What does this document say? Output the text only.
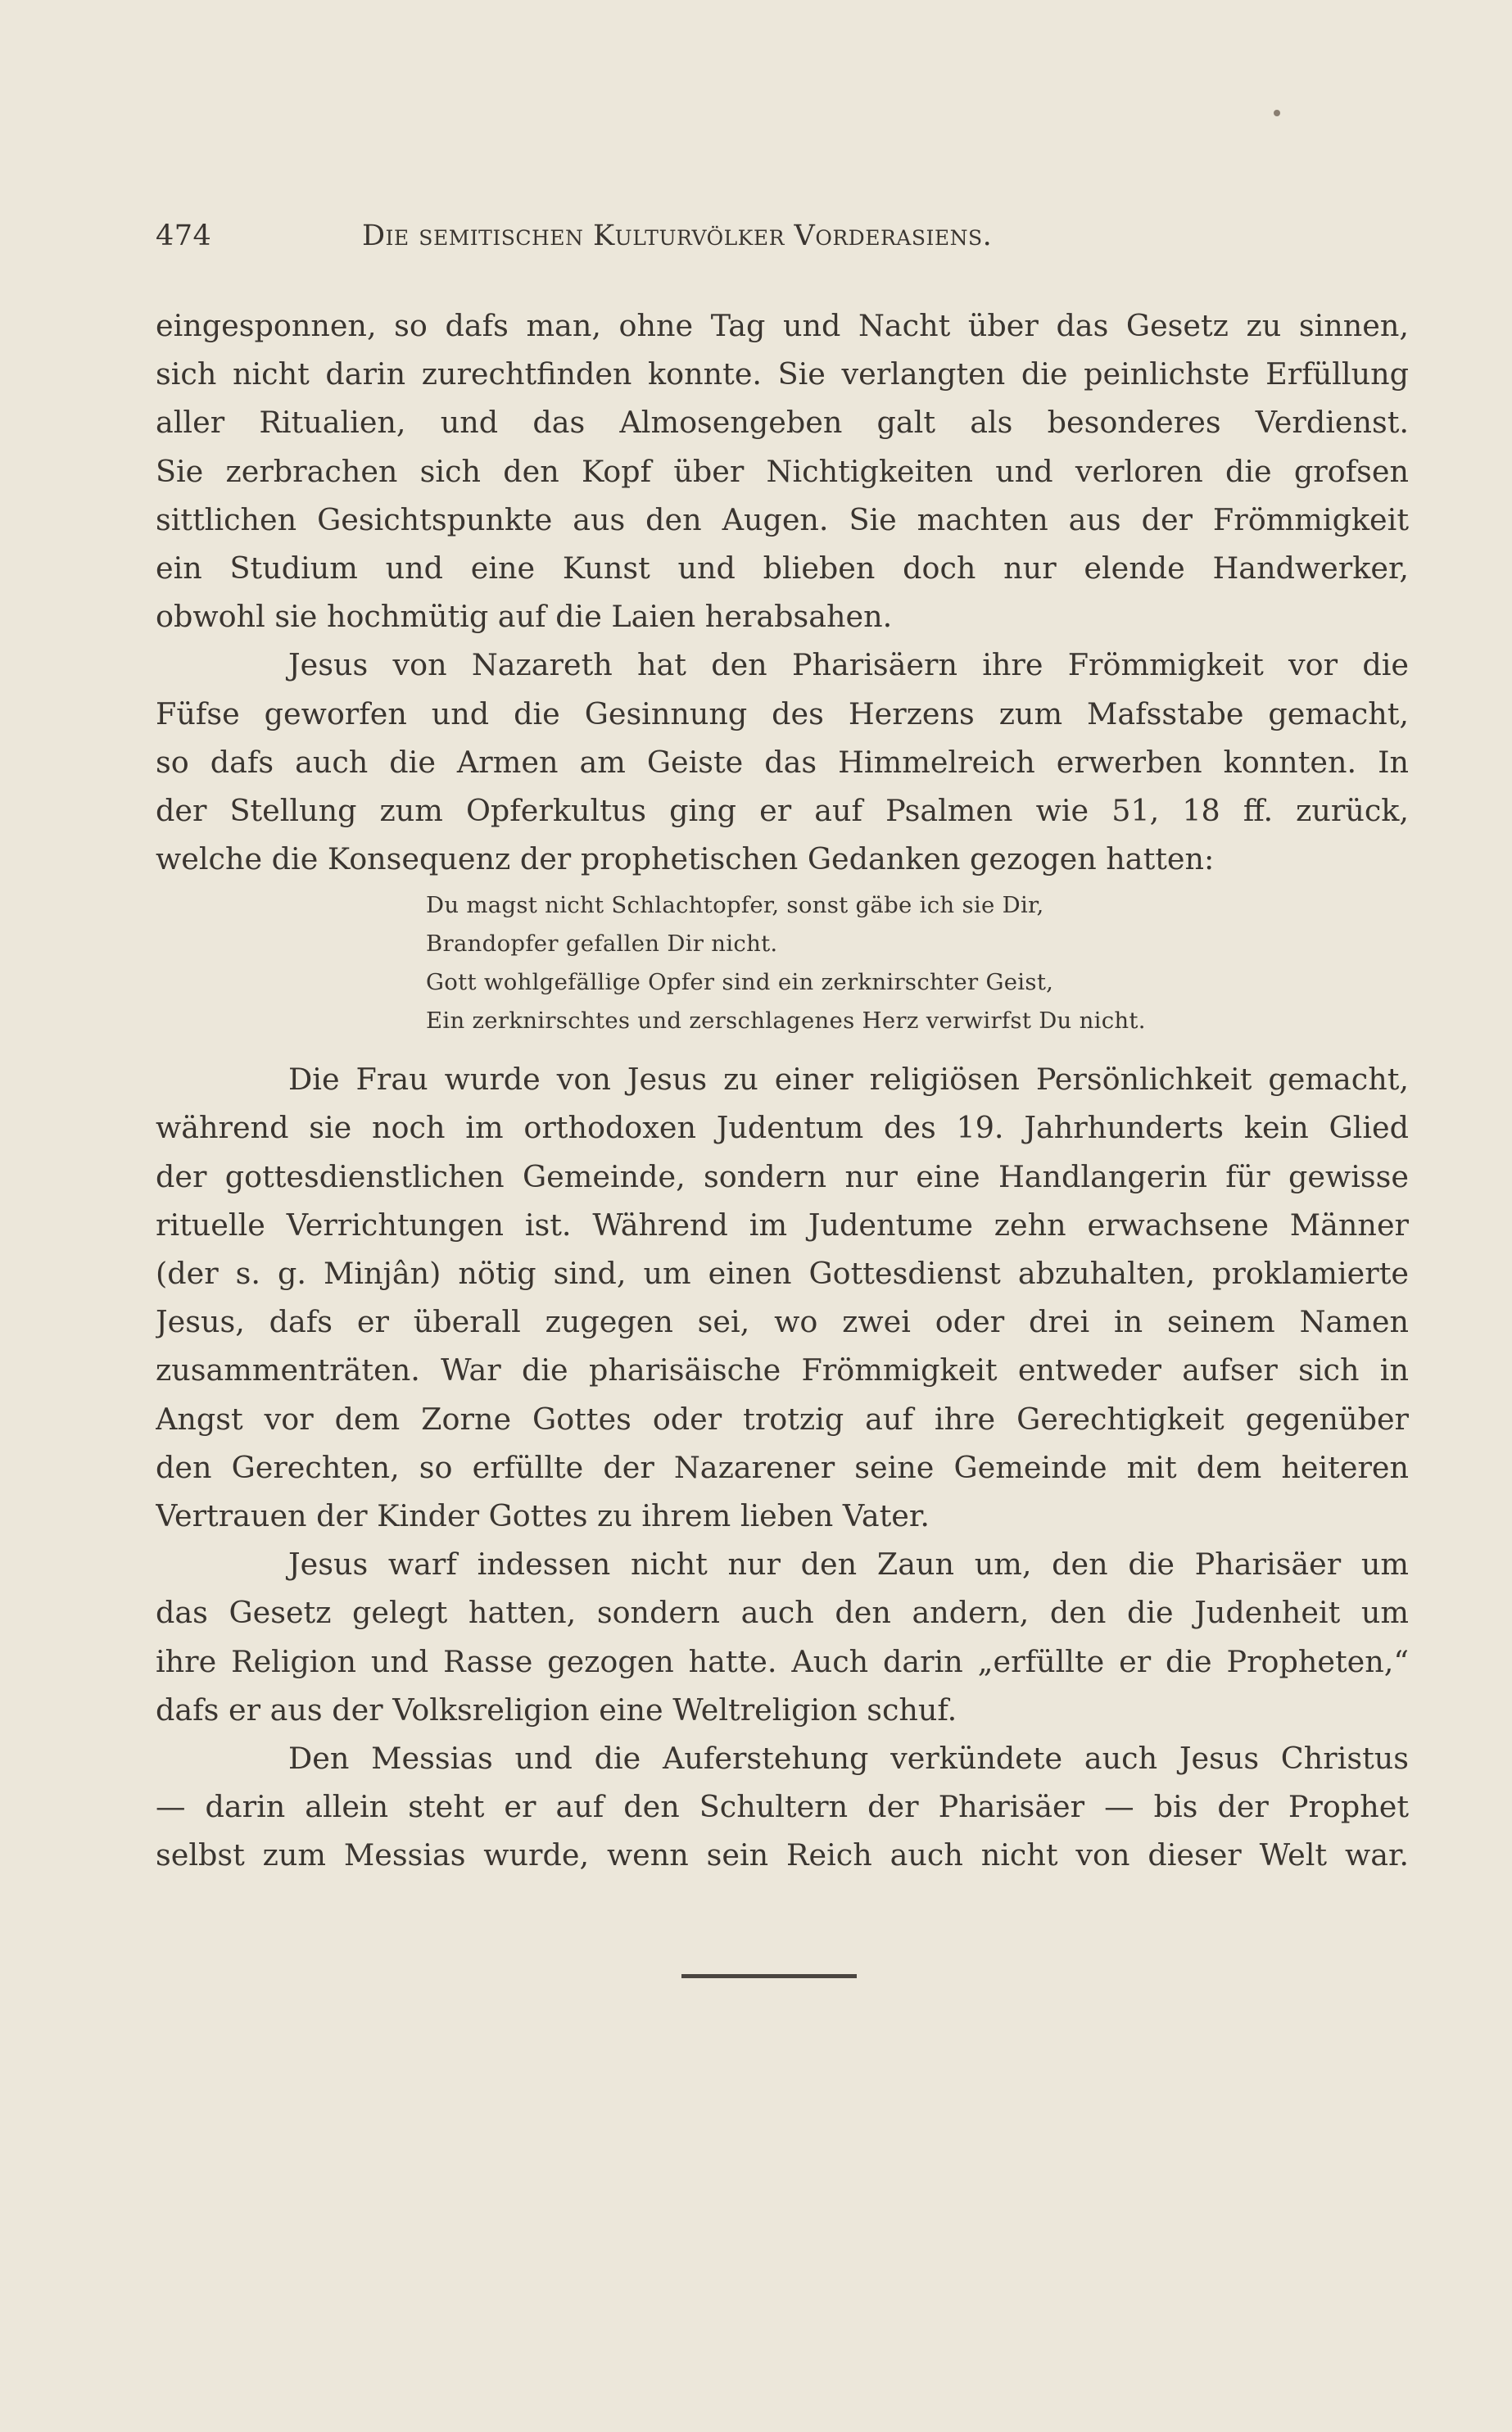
474	Die semitischen Kulturvölker Vorderasiens.
eingesponnen, so dafs man, ohne Tag und Nacht über das Gesetz zu sinnen,
sich nicht darin zurechtfinden konnte. Sie verlangten die peinlichste Erfüllung
aller Ritualien, und das Almosengeben galt als besonderes Verdienst.
Sie zerbrachen sich den Kopf über Nichtigkeiten und verloren die grofsen
sittlichen Gesichtspunkte aus den Augen. Sie machten aus der Frömmigkeit
ein Studium und eine Kunst und blieben doch nur elende Handwerker,
obwohl sie hochmütig auf die Laien herabsahen.
Jesus von Nazareth hat den Pharisäern ihre Frömmigkeit vor die
Füfse geworfen und die Gesinnung des Herzens zum Mafsstabe gemacht,
so dafs auch die Armen am Geiste das Himmelreich erwerben konnten. In
der Stellung zum Opferkultus ging er auf Psalmen wie 51, 18 ff. zurück,
welche die Konsequenz der prophetischen Gedanken gezogen hatten:
Du magst nicht Schlachtopfer, sonst gäbe ich sie Dir,
Brandopfer gefallen Dir nicht.
Gott wohlgefällige Opfer sind ein zerknirschter Geist,
Ein zerknirschtes und zerschlagenes Herz verwirfst Du nicht.
Die Frau wurde von Jesus zu einer religiösen Persönlichkeit gemacht,
während sie noch im orthodoxen Judentum des 19. Jahrhunderts kein Glied
der gottesdienstlichen Gemeinde, sondern nur eine Handlangerin für gewisse
rituelle Verrichtungen ist. Während im Judentume zehn erwachsene Männer
(der s. g. Minjân) nötig sind, um einen Gottesdienst abzuhalten, proklamierte
Jesus, dafs er überall zugegen sei, wo zwei oder drei in seinem Namen
zusammenträten. War die pharisäische Frömmigkeit entweder aufser sich in
Angst vor dem Zorne Gottes oder trotzig auf ihre Gerechtigkeit gegenüber
den Gerechten, so erfüllte der Nazarener seine Gemeinde mit dem heiteren
Vertrauen der Kinder Gottes zu ihrem lieben Vater.
Jesus warf indessen nicht nur den Zaun um, den die Pharisäer um
das Gesetz gelegt hatten, sondern auch den andern, den die Judenheit um
ihre Religion und Rasse gezogen hatte. Auch darin „erfüllte er die Propheten,“
dafs er aus der Volksreligion eine Weltreligion schuf.
Den Messias und die Auferstehung verkündete auch Jesus Christus
— darin allein steht er auf den Schultern der Pharisäer — bis der Prophet
selbst zum Messias wurde, wenn sein Reich auch nicht von dieser Welt war.
